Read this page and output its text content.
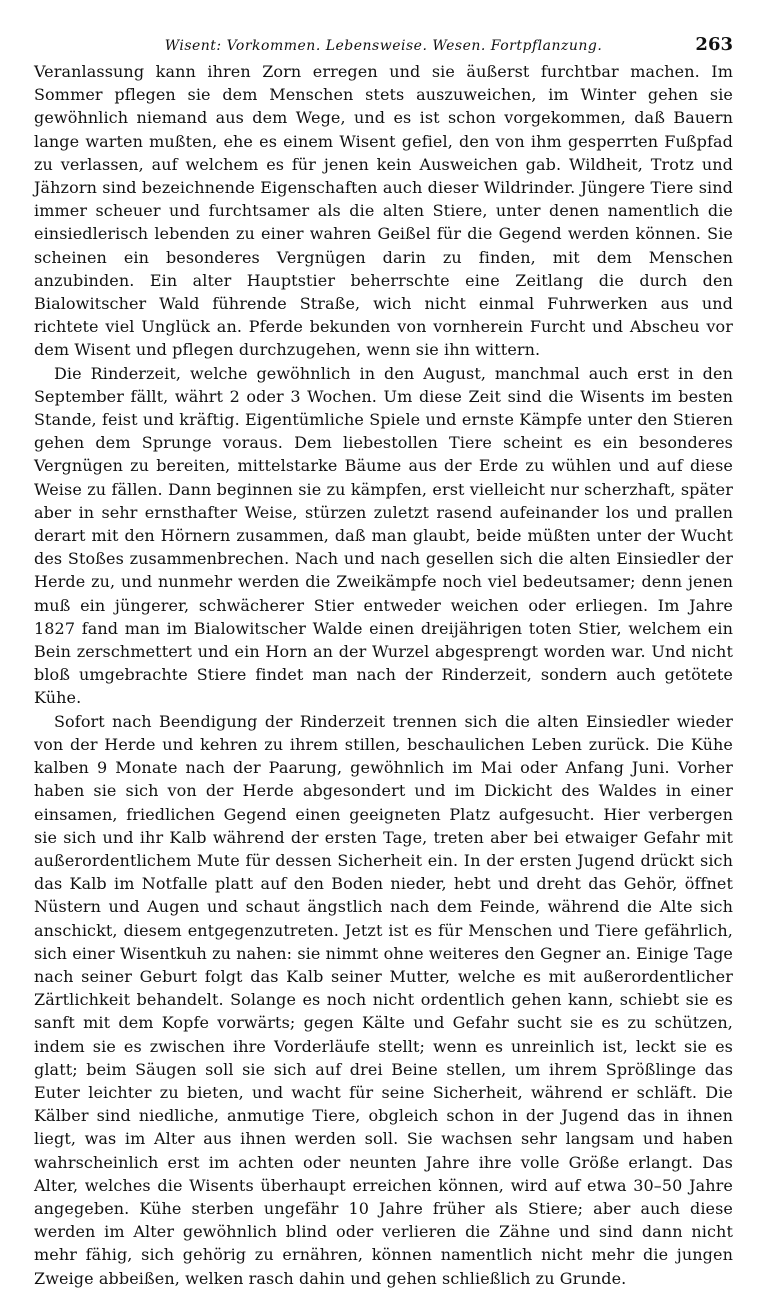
Wisent: Vorkommen. Lebensweise. Wesen. Fortpflanzung.	263

Veranlassung kann ihren Zorn erregen und sie äußerst furchtbar machen. Im Sommer pflegen sie dem Menschen stets auszuweichen, im Winter gehen sie gewöhnlich niemand aus dem Wege, und es ist schon vorgekommen, daß Bauern lange warten mußten, ehe es einem Wisent gefiel, den von ihm gesperrten Fußpfad zu verlassen, auf welchem es für jenen kein Ausweichen gab. Wildheit, Trotz und Jähzorn sind bezeichnende Eigenschaften auch dieser Wildrinder. Jüngere Tiere sind immer scheuer und furchtsamer als die alten Stiere, unter denen namentlich die einsiedlerisch lebenden zu einer wahren Geißel für die Gegend werden können. Sie scheinen ein besonderes Vergnügen darin zu finden, mit dem Menschen anzubinden. Ein alter Hauptstier beherrschte eine Zeitlang die durch den Bialowitscher Wald führende Straße, wich nicht einmal Fuhrwerken aus und richtete viel Unglück an. Pferde bekunden von vornherein Furcht und Abscheu vor dem Wisent und pflegen durchzugehen, wenn sie ihn wittern.

Die Rinderzeit, welche gewöhnlich in den August, manchmal auch erst in den September fällt, währt 2 oder 3 Wochen. Um diese Zeit sind die Wisents im besten Stande, feist und kräftig. Eigentümliche Spiele und ernste Kämpfe unter den Stieren gehen dem Sprunge voraus. Dem liebestollen Tiere scheint es ein besonderes Vergnügen zu bereiten, mittelstarke Bäume aus der Erde zu wühlen und auf diese Weise zu fällen. Dann beginnen sie zu kämpfen, erst vielleicht nur scherzhaft, später aber in sehr ernsthafter Weise, stürzen zuletzt rasend aufeinander los und prallen derart mit den Hörnern zusammen, daß man glaubt, beide müßten unter der Wucht des Stoßes zusammenbrechen. Nach und nach gesellen sich die alten Einsiedler der Herde zu, und nunmehr werden die Zweikämpfe noch viel bedeutsamer; denn jenen muß ein jüngerer, schwächerer Stier entweder weichen oder erliegen. Im Jahre 1827 fand man im Bialowitscher Walde einen dreijährigen toten Stier, welchem ein Bein zerschmettert und ein Horn an der Wurzel abgesprengt worden war. Und nicht bloß umgebrachte Stiere findet man nach der Rinderzeit, sondern auch getötete Kühe.

Sofort nach Beendigung der Rinderzeit trennen sich die alten Einsiedler wieder von der Herde und kehren zu ihrem stillen, beschaulichen Leben zurück. Die Kühe kalben 9 Monate nach der Paarung, gewöhnlich im Mai oder Anfang Juni. Vorher haben sie sich von der Herde abgesondert und im Dickicht des Waldes in einer einsamen, friedlichen Gegend einen geeigneten Platz aufgesucht. Hier verbergen sie sich und ihr Kalb während der ersten Tage, treten aber bei etwaiger Gefahr mit außerordentlichem Mute für dessen Sicherheit ein. In der ersten Jugend drückt sich das Kalb im Notfalle platt auf den Boden nieder, hebt und dreht das Gehör, öffnet Nüstern und Augen und schaut ängstlich nach dem Feinde, während die Alte sich anschickt, diesem entgegenzutreten. Jetzt ist es für Menschen und Tiere gefährlich, sich einer Wisentkuh zu nahen: sie nimmt ohne weiteres den Gegner an. Einige Tage nach seiner Geburt folgt das Kalb seiner Mutter, welche es mit außerordentlicher Zärtlichkeit behandelt. Solange es noch nicht ordentlich gehen kann, schiebt sie es sanft mit dem Kopfe vorwärts; gegen Kälte und Gefahr sucht sie es zu schützen, indem sie es zwischen ihre Vorderläufe stellt; wenn es unreinlich ist, leckt sie es glatt; beim Säugen soll sie sich auf drei Beine stellen, um ihrem Sprößlinge das Euter leichter zu bieten, und wacht für seine Sicherheit, während er schläft. Die Kälber sind niedliche, anmutige Tiere, obgleich schon in der Jugend das in ihnen liegt, was im Alter aus ihnen werden soll. Sie wachsen sehr langsam und haben wahrscheinlich erst im achten oder neunten Jahre ihre volle Größe erlangt. Das Alter, welches die Wisents überhaupt erreichen können, wird auf etwa 30–50 Jahre angegeben. Kühe sterben ungefähr 10 Jahre früher als Stiere; aber auch diese werden im Alter gewöhnlich blind oder verlieren die Zähne und sind dann nicht mehr fähig, sich gehörig zu ernähren, können namentlich nicht mehr die jungen Zweige abbeißen, welken rasch dahin und gehen schließlich zu Grunde.
